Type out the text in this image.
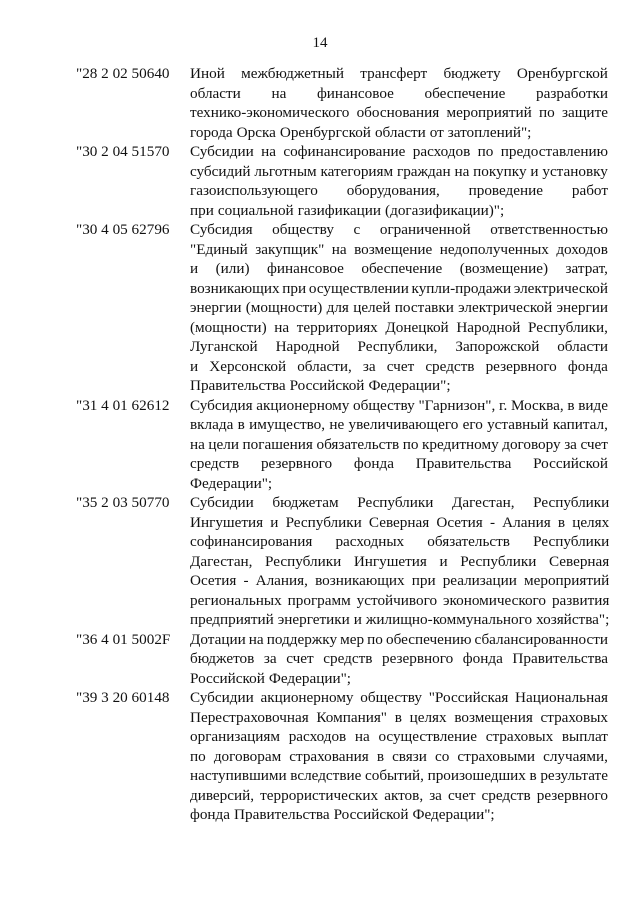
14
"28 2 02 50640	Иной межбюджетный трансферт бюджету Оренбургской
области на финансовое обеспечение разработки
технико-экономического обоснования мероприятий по защите
города Орска Оренбургской области от затоплений";
"30 2 04 51570	Субсидии на софинансирование расходов по предоставлению
субсидий льготным категориям граждан на покупку и установку
газоиспользующего оборудования, проведение работ
при социальной газификации (догазификации)";
"30 4 05 62796	Субсидия обществу с ограниченной ответственностью
"Единый закупщик" на возмещение недополученных доходов
и (или) финансовое обеспечение (возмещение) затрат,
возникающих при осуществлении купли-продажи электрической
энергии (мощности) для целей поставки электрической энергии
(мощности) на территориях Донецкой Народной Республики,
Луганской Народной Республики, Запорожской области
и Херсонской области, за счет средств резервного фонда
Правительства Российской Федерации";
"31 4 01 62612	Субсидия акционерному обществу "Гарнизон", г. Москва, в виде
вклада в имущество, не увеличивающего его уставный капитал,
на цели погашения обязательств по кредитному договору за счет
средств резервного фонда Правительства Российской
Федерации";
"35 2 03 50770	Субсидии бюджетам Республики Дагестан, Республики
Ингушетия и Республики Северная Осетия - Алания в целях
софинансирования расходных обязательств Республики
Дагестан, Республики Ингушетия и Республики Северная
Осетия - Алания, возникающих при реализации мероприятий
региональных программ устойчивого экономического развития
предприятий энергетики и жилищно-коммунального хозяйства";
"36 4 01 5002F	Дотации на поддержку мер по обеспечению сбалансированности
бюджетов за счет средств резервного фонда Правительства
Российской Федерации";
"39 3 20 60148	Субсидии акционерному обществу "Российская Национальная
Перестраховочная Компания" в целях возмещения страховых
организациям расходов на осуществление страховых выплат
по договорам страхования в связи со страховыми случаями,
наступившими вследствие событий, произошедших в результате
диверсий, террористических актов, за счет средств резервного
фонда Правительства Российской Федерации";
